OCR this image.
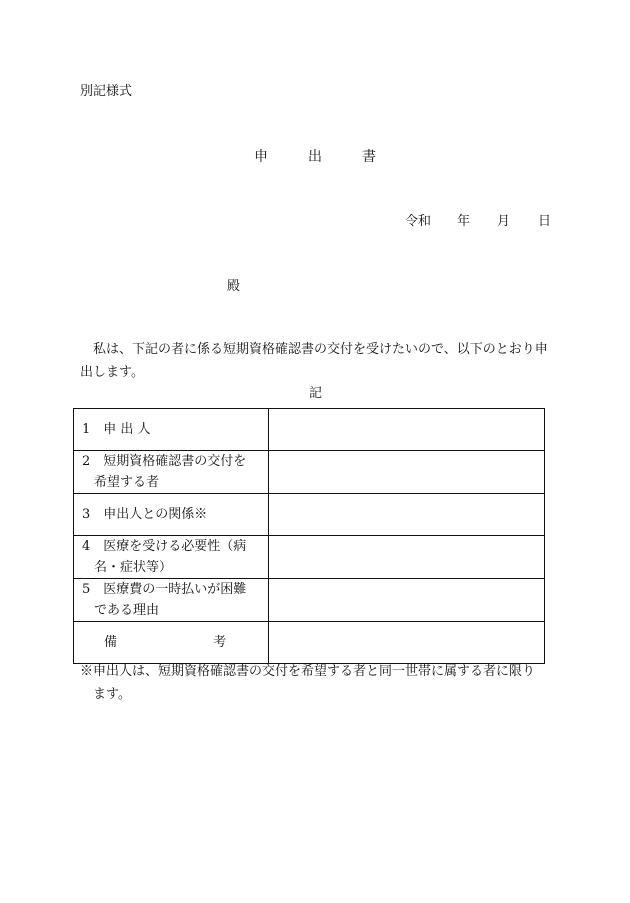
別記様式
申　出　書
令和	年	月	日
殿
私は、下記の者に係る短期資格確認書の交付を受けたいので、以下のとおり申出します。
記
1　申 出 人	
2　短期資格確認書の交付を
希望する者	

3　申出人との関係※	
4　医療を受ける必要性（病
名・症状等）	

5　医療費の一時払いが困難
である理由	

備 考	
※申出人は、短期資格確認書の交付を希望する者と同一世帯に属する者に限り
ます。
